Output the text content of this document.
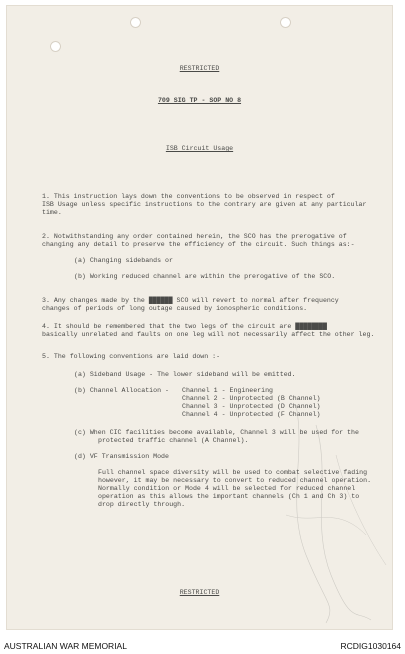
RESTRICTED
709 SIG TP - SOP NO 8
ISB Circuit Usage
1. This instruction lays down the conventions to be observed in respect of
ISB Usage unless specific instructions to the contrary are given at any particular
time.
2. Notwithstanding any order contained herein, the SCO has the prerogative of
changing any detail to preserve the efficiency of the circuit. Such things as:-
(a) Changing sidebands or
(b) Working reduced channel are within the prerogative of the SCO.
3. Any changes made by the ██████ SCO will revert to normal after frequency
changes of periods of long outage caused by ionospheric conditions.
4. It should be remembered that the two legs of the circuit are ████████
basically unrelated and faults on one leg will not necessarily affect the other leg.
5. The following conventions are laid down :-
(a) Sideband Usage - The lower sideband will be emitted.
(b) Channel Allocation - Channel 1 - Engineering
Channel 2 - Unprotected (B Channel)
Channel 3 - Unprotected (D Channel)
Channel 4 - Unprotected (F Channel)
(c) When CIC facilities become available, Channel 3 will be used for the
protected traffic channel (A Channel).
(d) VF Transmission Mode
Full channel space diversity will be used to combat selective fading
however, it may be necessary to convert to reduced channel operation.
Normally condition or Mode 4 will be selected for reduced channel
operation as this allows the important channels (Ch 1 and Ch 3) to
drop directly through.
RESTRICTED
AUSTRALIAN WAR MEMORIAL	RCDIG1030164
